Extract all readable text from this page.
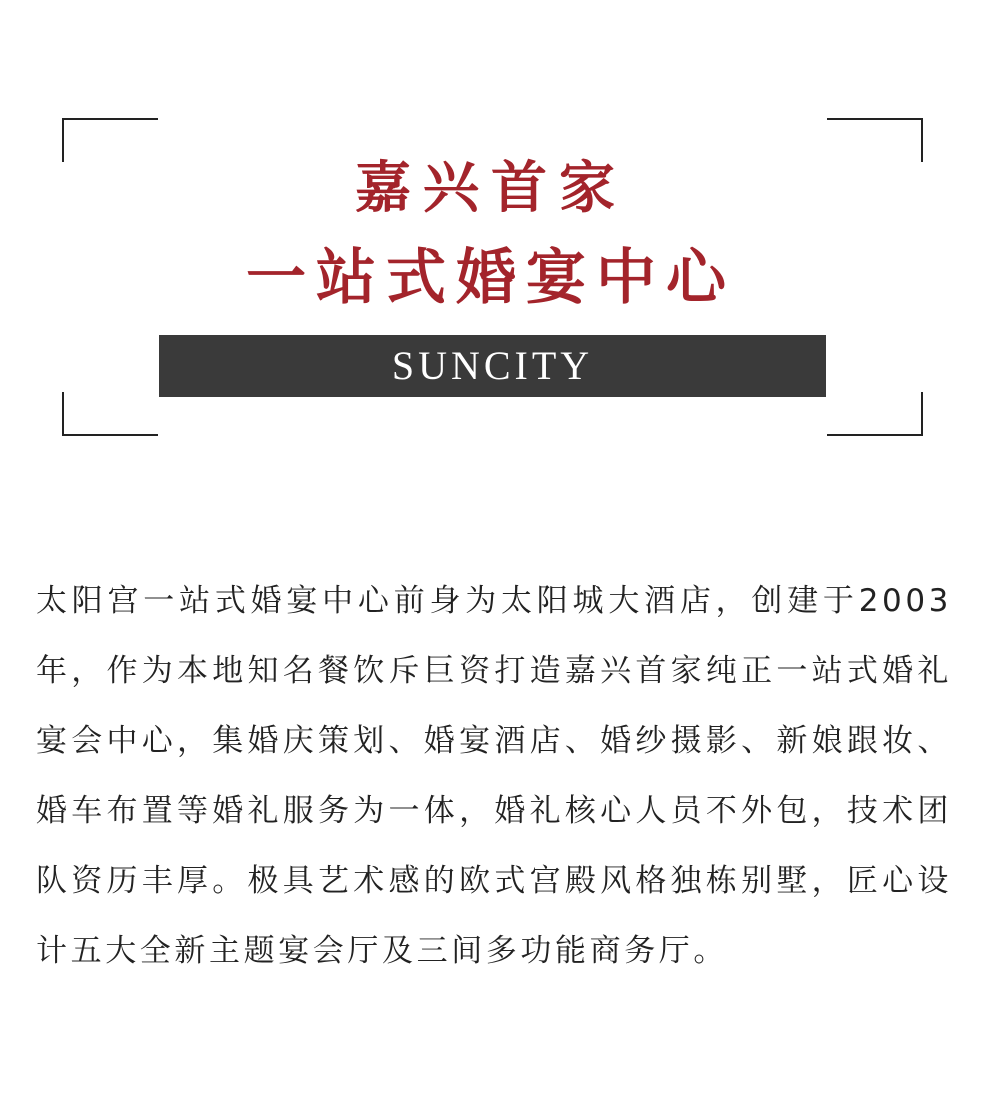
嘉兴首家
一站式婚宴中心
SUNCITY

太阳宫一站式婚宴中心前身为太阳城大酒店，创建于2003年，作为本地知名餐饮斥巨资打造嘉兴首家纯正一站式婚礼宴会中心，集婚庆策划、婚宴酒店、婚纱摄影、新娘跟妆、婚车布置等婚礼服务为一体，婚礼核心人员不外包，技术团队资历丰厚。极具艺术感的欧式宫殿风格独栋别墅，匠心设计五大全新主题宴会厅及三间多功能商务厅。
